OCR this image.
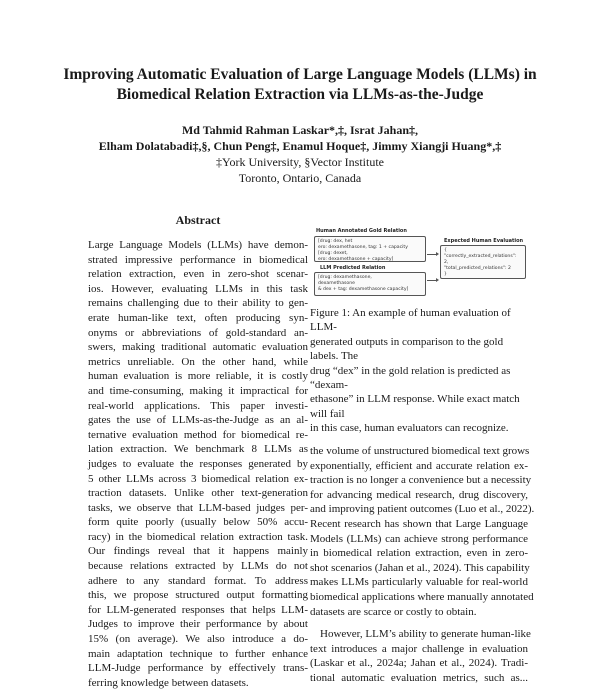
Improving Automatic Evaluation of Large Language Models (LLMs) in
Biomedical Relation Extraction via LLMs-as-the-Judge
Md Tahmid Rahman Laskar*,‡, Israt Jahan‡,
Elham Dolatabadi‡,§, Chun Peng‡, Enamul Hoque‡, Jimmy Xiangji Huang*,‡
‡York University, §Vector Institute
Toronto, Ontario, Canada
Abstract
Large Language Models (LLMs) have demon-
strated impressive performance in biomedical
relation extraction, even in zero-shot scenar-
ios. However, evaluating LLMs in this task
remains challenging due to their ability to gen-
erate human-like text, often producing syn-
onyms or abbreviations of gold-standard an-
swers, making traditional automatic evaluation
metrics unreliable. On the other hand, while
human evaluation is more reliable, it is costly
and time-consuming, making it impractical for
real-world applications. This paper investi-
gates the use of LLMs-as-the-Judge as an al-
ternative evaluation method for biomedical re-
lation extraction. We benchmark 8 LLMs as
judges to evaluate the responses generated by
5 other LLMs across 3 biomedical relation ex-
traction datasets. Unlike other text-generation
tasks, we observe that LLM-based judges per-
form quite poorly (usually below 50% accu-
racy) in the biomedical relation extraction task.
Our findings reveal that it happens mainly
because relations extracted by LLMs do not
adhere to any standard format. To address
this, we propose structured output formatting
for LLM-generated responses that helps LLM-
Judges to improve their performance by about
15% (on average). We also introduce a do-
main adaptation technique to further enhance
LLM-Judge performance by effectively trans-
ferring knowledge between datasets.
Human Annotated Gold Relation
[drug: dex, het
ero: dexamethasone, tag: 1 + capacity
[drug: dexet,
ero: dexamethasone + capacity]
LLM Predicted Relation
[drug: dexamethasone,
dexamethasone
& dex + tag: dexamethasone capacity]
Expected Human Evaluation
{
"correctly_extracted_relations": 2,
"total_predicted_relations": 2
}
Figure 1: An example of human evaluation of LLM-
generated outputs in comparison to the gold labels. The
drug “dex” in the gold relation is predicted as “dexam-
ethasone” in LLM response. While exact match will fail
in this case, human evaluators can recognize.
the volume of unstructured biomedical text grows
exponentially, efficient and accurate relation ex-
traction is no longer a convenience but a necessity
for advancing medical research, drug discovery,
and improving patient outcomes (Luo et al., 2022).
Recent research has shown that Large Language
Models (LLMs) can achieve strong performance
in biomedical relation extraction, even in zero-
shot scenarios (Jahan et al., 2024). This capability
makes LLMs particularly valuable for real-world
biomedical applications where manually annotated
datasets are scarce or costly to obtain.
However, LLM’s ability to generate human-like
text introduces a major challenge in evaluation
(Laskar et al., 2024a; Jahan et al., 2024). Tradi-
tional automatic evaluation metrics, such as...
